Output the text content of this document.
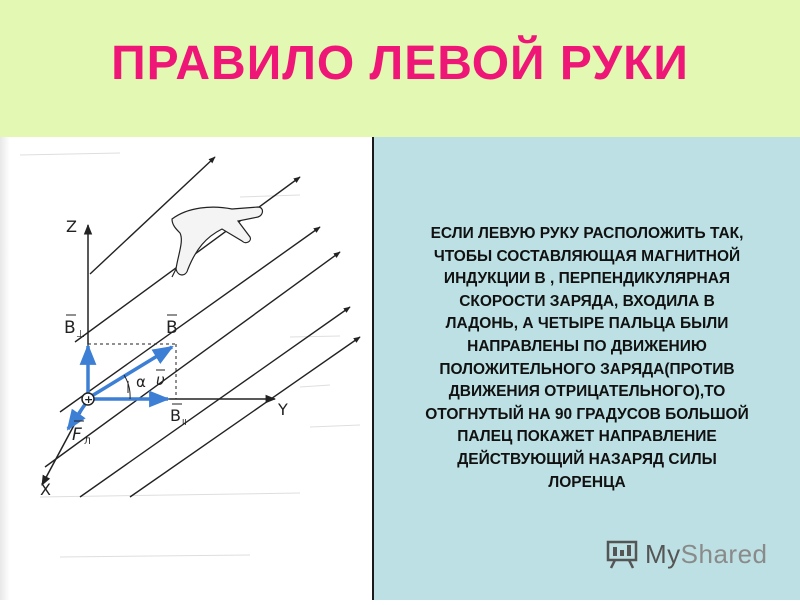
ПРАВИЛО ЛЕВОЙ РУКИ
+
Z
Y
X
B ⊥	B
υ
α
B II
F Л
ЕСЛИ ЛЕВУЮ РУКУ РАСПОЛОЖИТЬ ТАК,
ЧТОБЫ СОСТАВЛЯЮЩАЯ МАГНИТНОЙ
ИНДУКЦИИ В , ПЕРПЕНДИКУЛЯРНАЯ
СКОРОСТИ ЗАРЯДА, ВХОДИЛА В
ЛАДОНЬ, А ЧЕТЫРЕ ПАЛЬЦА БЫЛИ
НАПРАВЛЕНЫ ПО ДВИЖЕНИЮ
ПОЛОЖИТЕЛЬНОГО ЗАРЯДА(ПРОТИВ
ДВИЖЕНИЯ ОТРИЦАТЕЛЬНОГО),ТО
ОТОГНУТЫЙ НА 90 ГРАДУСОВ БОЛЬШОЙ
ПАЛЕЦ ПОКАЖЕТ НАПРАВЛЕНИЕ
ДЕЙСТВУЮЩИЙ НАЗАРЯД СИЛЫ
ЛОРЕНЦА
MyShared
